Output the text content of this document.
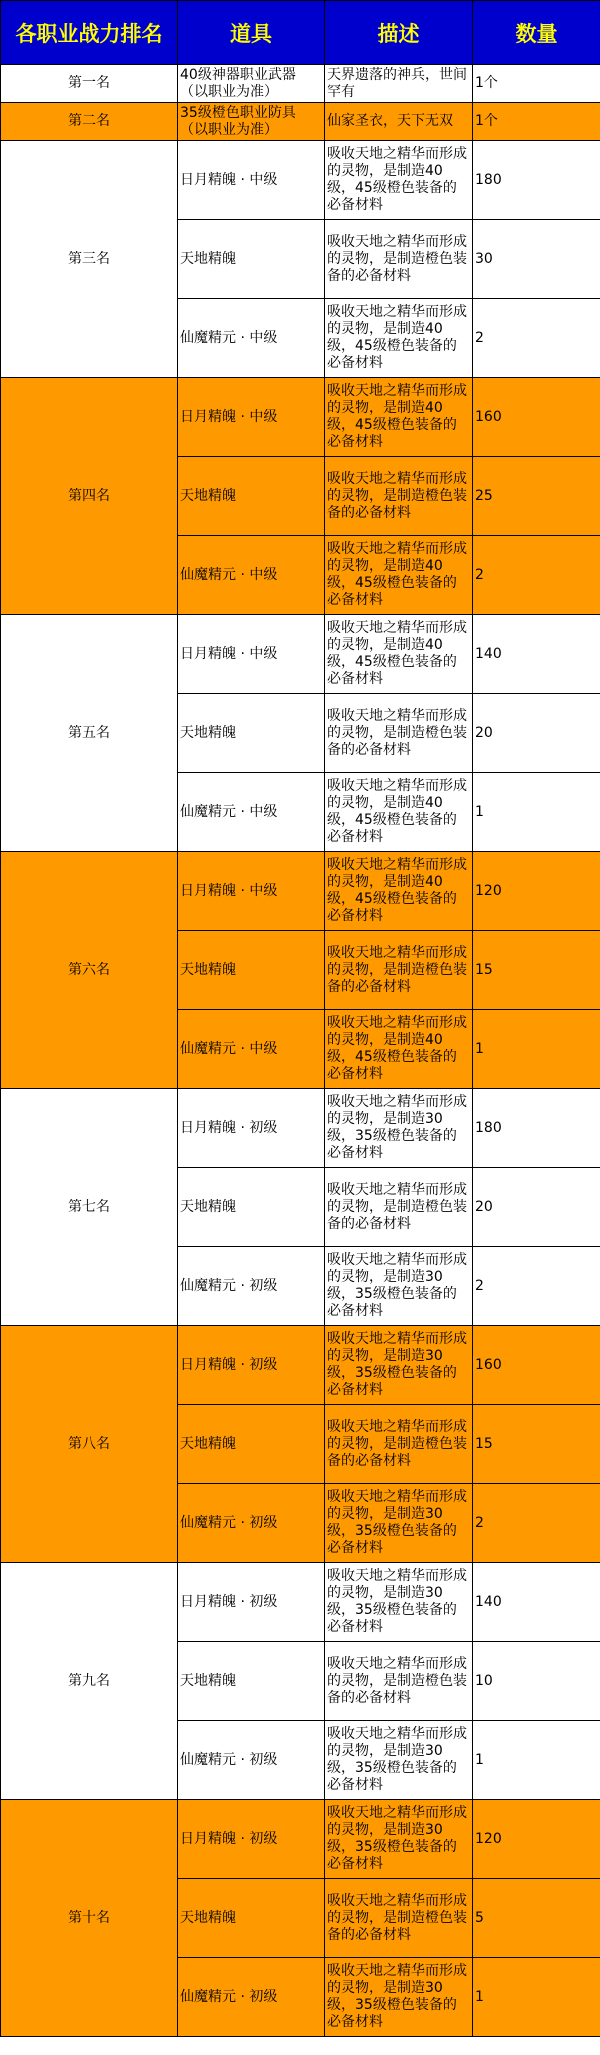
各职业战力排名	道具	描述	数量
第一名	40级神器职业武器（以职业为准）	天界遗落的神兵，世间罕有	1个
第二名	35级橙色职业防具（以职业为准）	仙家圣衣，天下无双	1个
第三名	日月精魄 · 中级	吸收天地之精华而形成的灵物，是制造40级，45级橙色装备的必备材料	180
	天地精魄	吸收天地之精华而形成的灵物，是制造橙色装备的必备材料	30
	仙魔精元 · 中级	吸收天地之精华而形成的灵物，是制造40级，45级橙色装备的必备材料	2
第四名	日月精魄 · 中级	吸收天地之精华而形成的灵物，是制造40级，45级橙色装备的必备材料	160
	天地精魄	吸收天地之精华而形成的灵物，是制造橙色装备的必备材料	25
	仙魔精元 · 中级	吸收天地之精华而形成的灵物，是制造40级，45级橙色装备的必备材料	2
第五名	日月精魄 · 中级	吸收天地之精华而形成的灵物，是制造40级，45级橙色装备的必备材料	140
	天地精魄	吸收天地之精华而形成的灵物，是制造橙色装备的必备材料	20
	仙魔精元 · 中级	吸收天地之精华而形成的灵物，是制造40级，45级橙色装备的必备材料	1
第六名	日月精魄 · 中级	吸收天地之精华而形成的灵物，是制造40级，45级橙色装备的必备材料	120
	天地精魄	吸收天地之精华而形成的灵物，是制造橙色装备的必备材料	15
	仙魔精元 · 中级	吸收天地之精华而形成的灵物，是制造40级，45级橙色装备的必备材料	1
第七名	日月精魄 · 初级	吸收天地之精华而形成的灵物，是制造30级，35级橙色装备的必备材料	180
	天地精魄	吸收天地之精华而形成的灵物，是制造橙色装备的必备材料	20
	仙魔精元 · 初级	吸收天地之精华而形成的灵物，是制造30级，35级橙色装备的必备材料	2
第八名	日月精魄 · 初级	吸收天地之精华而形成的灵物，是制造30级，35级橙色装备的必备材料	160
	天地精魄	吸收天地之精华而形成的灵物，是制造橙色装备的必备材料	15
	仙魔精元 · 初级	吸收天地之精华而形成的灵物，是制造30级，35级橙色装备的必备材料	2
第九名	日月精魄 · 初级	吸收天地之精华而形成的灵物，是制造30级，35级橙色装备的必备材料	140
	天地精魄	吸收天地之精华而形成的灵物，是制造橙色装备的必备材料	10
	仙魔精元 · 初级	吸收天地之精华而形成的灵物，是制造30级，35级橙色装备的必备材料	1
第十名	日月精魄 · 初级	吸收天地之精华而形成的灵物，是制造30级，35级橙色装备的必备材料	120
	天地精魄	吸收天地之精华而形成的灵物，是制造橙色装备的必备材料	5
	仙魔精元 · 初级	吸收天地之精华而形成的灵物，是制造30级，35级橙色装备的必备材料	1
